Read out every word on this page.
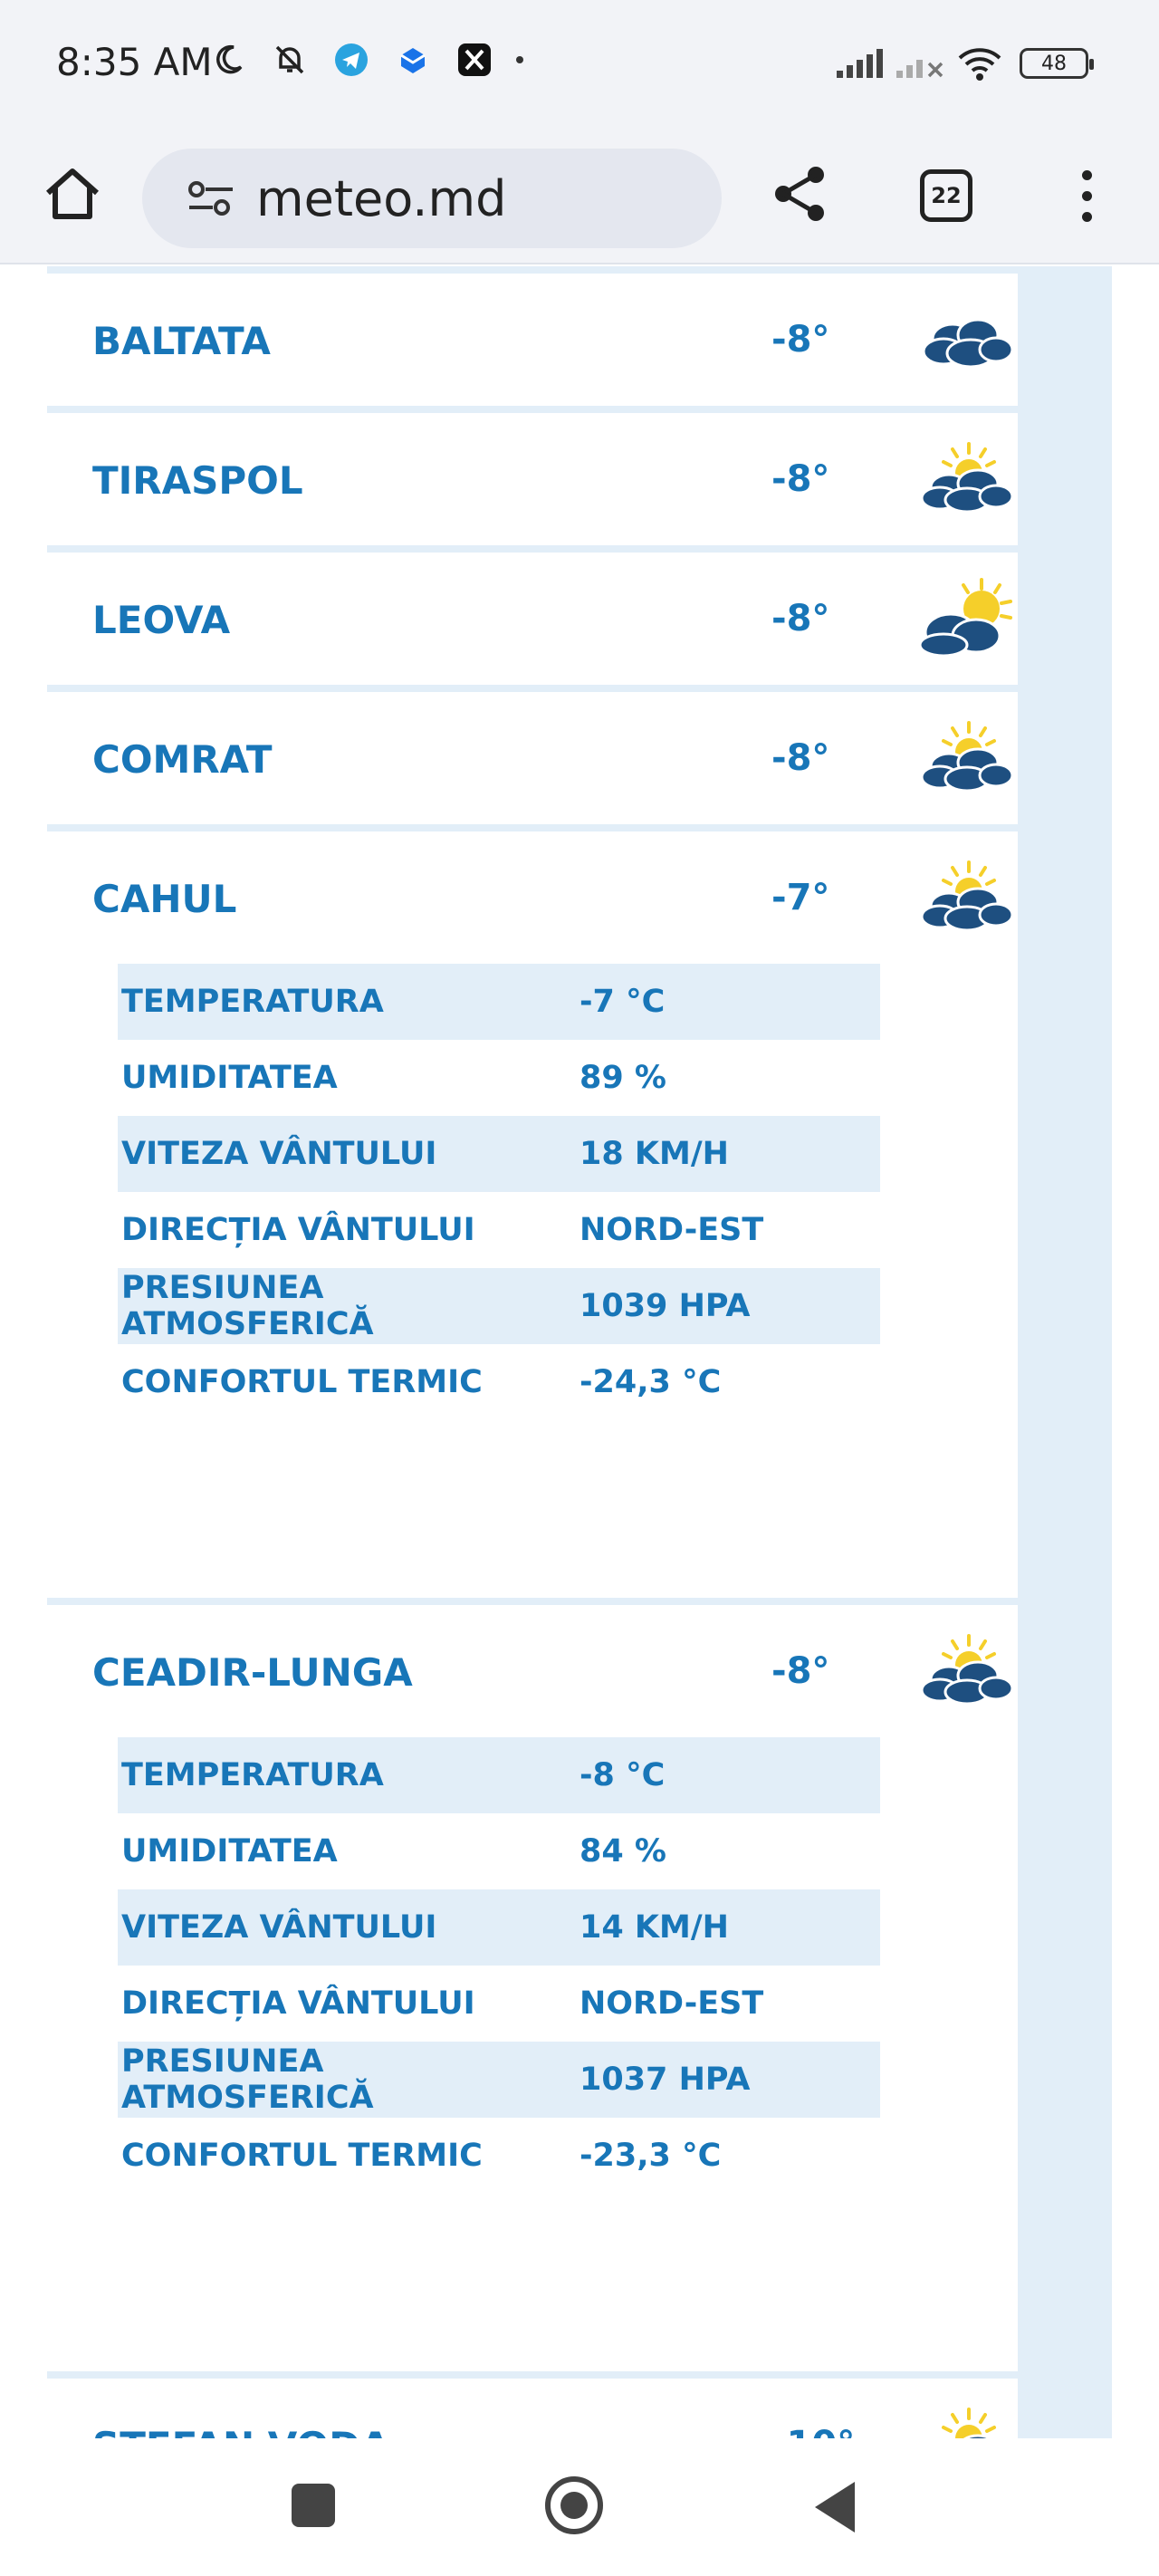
8:35 AM	48
meteo.md	22
BALTATA	-8°
TIRASPOL	-8°
LEOVA	-8°
COMRAT	-8°
CAHUL	-7°
TEMPERATURA	-7 °C
UMIDITATEA	89 %
VITEZA VÂNTULUI	18 KM/H
DIRECȚIA VÂNTULUI	NORD-EST
PRESIUNEA ATMOSFERICĂ	1039 HPA
CONFORTUL TERMIC	-24,3 °C
CEADIR-LUNGA	-8°
TEMPERATURA	-8 °C
UMIDITATEA	84 %
VITEZA VÂNTULUI	14 KM/H
DIRECȚIA VÂNTULUI	NORD-EST
PRESIUNEA ATMOSFERICĂ	1037 HPA
CONFORTUL TERMIC	-23,3 °C
